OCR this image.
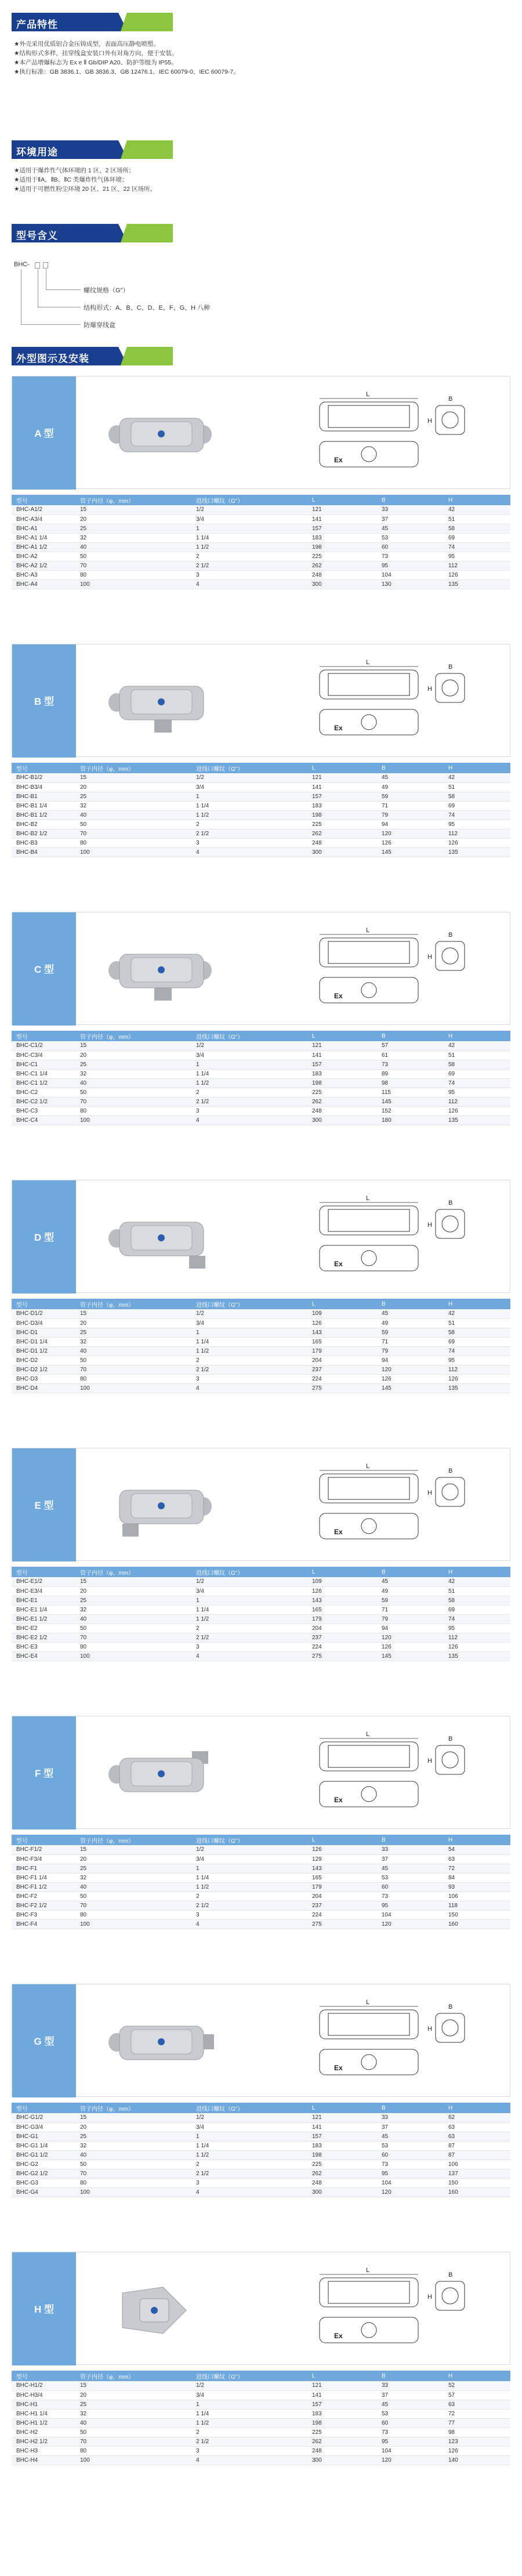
产品特性
★外壳采用优质铝合金压铸成型，表面高压静电喷塑。
★结构形式多样，挂穿线盒安装口外有对角方向，便于安装。
★本产品增爆标志为 Ex e Ⅱ Gb/DIP A20、防护等级为 IP55。
★执行标准：GB 3836.1、GB 3836.3、GB 12476.1、IEC 60079-0、IEC 60079-7。
环境用途
★适用于爆炸性气体环境的 1 区、2 区场所；
★适用于ⅡA、ⅡB、ⅡC 类爆炸性气体环境；
★适用于可燃性粉尘环境 20 区、21 区、22 区场所。
型号含义
BHC-
螺纹规格（G"）
结构形式：A、B、C、D、E、F、G、H 八种
防爆穿线盒
外型图示及安装
A 型
L
Ex
B
H
型号	管子内径（φ，mm）	进线口螺纹（G"）	L	B	H
BHC-A1/2	15	1/2	121	33	42
BHC-A3/4	20	3/4	141	37	51
BHC-A1	25	1	157	45	58
BHC-A1 1/4	32	1 1/4	183	53	69
BHC-A1 1/2	40	1 1/2	198	60	74
BHC-A2	50	2	225	73	95
BHC-A2 1/2	70	2 1/2	262	95	112
BHC-A3	80	3	248	104	126
BHC-A4	100	4	300	130	135
B 型
L
Ex
B
H
型号	管子内径（φ，mm）	进线口螺纹（G"）	L	B	H
BHC-B1/2	15	1/2	121	45	42
BHC-B3/4	20	3/4	141	49	51
BHC-B1	25	1	157	59	58
BHC-B1 1/4	32	1 1/4	183	71	69
BHC-B1 1/2	40	1 1/2	198	79	74
BHC-B2	50	2	225	94	95
BHC-B2 1/2	70	2 1/2	262	120	112
BHC-B3	80	3	248	126	126
BHC-B4	100	4	300	145	135
C 型
L
Ex
B
H
型号	管子内径（φ，mm）	进线口螺纹（G"）	L	B	H
BHC-C1/2	15	1/2	121	57	42
BHC-C3/4	20	3/4	141	61	51
BHC-C1	25	1	157	73	58
BHC-C1 1/4	32	1 1/4	183	89	69
BHC-C1 1/2	40	1 1/2	198	98	74
BHC-C2	50	2	225	115	95
BHC-C2 1/2	70	2 1/2	262	145	112
BHC-C3	80	3	248	152	126
BHC-C4	100	4	300	180	135
D 型
L
Ex
B
H
型号	管子内径（φ，mm）	进线口螺纹（G"）	L	B	H
BHC-D1/2	15	1/2	109	45	42
BHC-D3/4	20	3/4	126	49	51
BHC-D1	25	1	143	59	58
BHC-D1 1/4	32	1 1/4	165	71	69
BHC-D1 1/2	40	1 1/2	179	79	74
BHC-D2	50	2	204	94	95
BHC-D2 1/2	70	2 1/2	237	120	112
BHC-D3	80	3	224	126	126
BHC-D4	100	4	275	145	135
E 型
L
Ex
B
H
型号	管子内径（φ，mm）	进线口螺纹（G"）	L	B	H
BHC-E1/2	15	1/2	109	45	42
BHC-E3/4	20	3/4	126	49	51
BHC-E1	25	1	143	59	58
BHC-E1 1/4	32	1 1/4	165	71	69
BHC-E1 1/2	40	1 1/2	179	79	74
BHC-E2	50	2	204	94	95
BHC-E2 1/2	70	2 1/2	237	120	112
BHC-E3	80	3	224	126	126
BHC-E4	100	4	275	145	135
F 型
L
Ex
B
H
型号	管子内径（φ，mm）	进线口螺纹（G"）	L	B	H
BHC-F1/2	15	1/2	126	33	54
BHC-F3/4	20	3/4	129	37	63
BHC-F1	25	1	143	45	72
BHC-F1 1/4	32	1 1/4	165	53	84
BHC-F1 1/2	40	1 1/2	179	60	93
BHC-F2	50	2	204	73	106
BHC-F2 1/2	70	2 1/2	237	95	118
BHC-F3	80	3	224	104	150
BHC-F4	100	4	275	120	160
G 型
L
Ex
B
H
型号	管子内径（φ，mm）	进线口螺纹（G"）	L	B	H
BHC-G1/2	15	1/2	121	33	62
BHC-G3/4	20	3/4	141	37	63
BHC-G1	25	1	157	45	63
BHC-G1 1/4	32	1 1/4	183	53	87
BHC-G1 1/2	40	1 1/2	198	60	87
BHC-G2	50	2	225	73	106
BHC-G2 1/2	70	2 1/2	262	95	137
BHC-G3	80	3	248	104	150
BHC-G4	100	4	300	120	160
H 型
L
Ex
B
H
型号	管子内径（φ，mm）	进线口螺纹（G"）	L	B	H
BHC-H1/2	15	1/2	121	33	52
BHC-H3/4	20	3/4	141	37	57
BHC-H1	25	1	157	45	63
BHC-H1 1/4	32	1 1/4	183	53	72
BHC-H1 1/2	40	1 1/2	198	60	77
BHC-H2	50	2	225	73	98
BHC-H2 1/2	70	2 1/2	262	95	123
BHC-H3	80	3	248	104	126
BHC-H4	100	4	300	120	140
